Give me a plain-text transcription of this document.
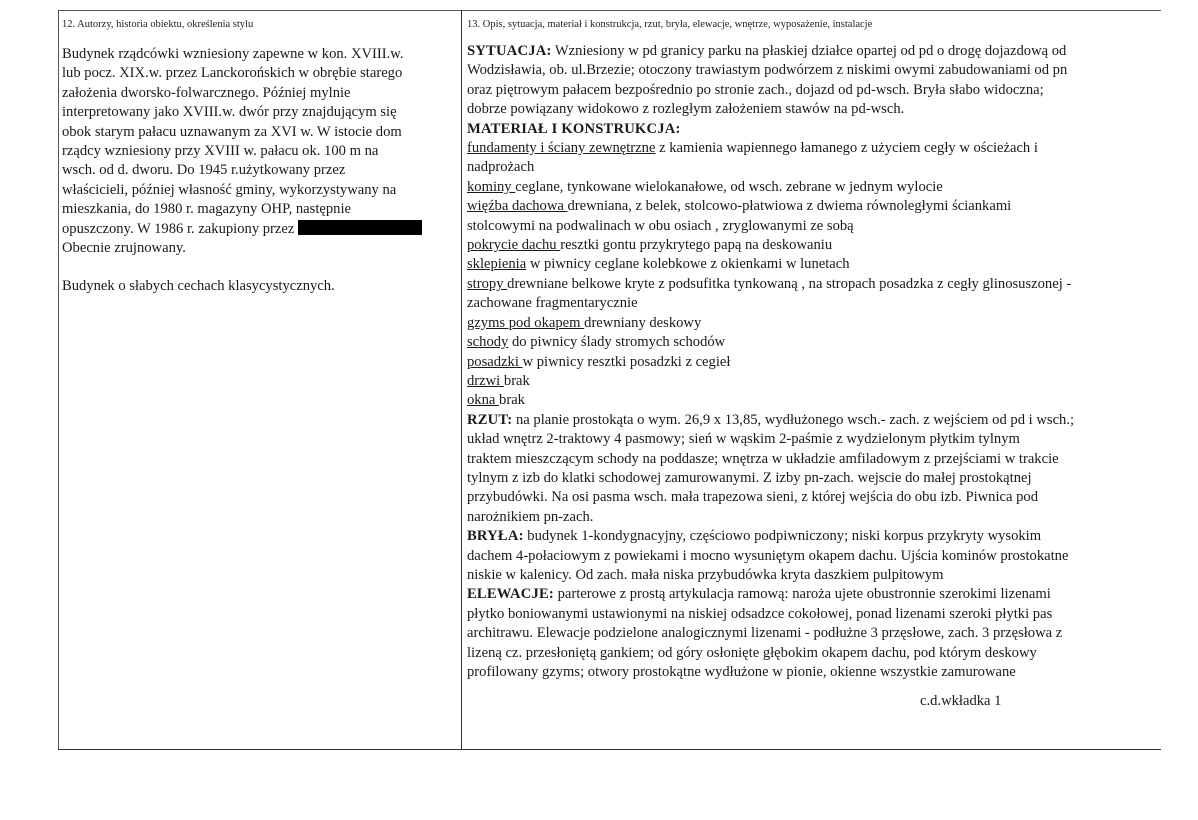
12. Autorzy, historia obiektu, określenia stylu	13. Opis, sytuacja, materiał i konstrukcja, rzut, bryła, elewacje, wnętrze, wyposażenie, instalacje

Budynek rządcówki wzniesiony zapewne w kon. XVIII.w.
lub pocz. XIX.w. przez Lanckorońskich w obrębie starego
założenia dworsko-folwarcznego. Później mylnie
interpretowany jako XVIII.w. dwór przy znajdującym się
obok starym pałacu uznawanym za XVI w. W istocie dom
rządcy wzniesiony przy XVIII w. pałacu ok. 100 m na
wsch. od d. dworu. Do 1945 r.użytkowany przez
właścicieli, później własność gminy, wykorzystywany na
mieszkania, do 1980 r. magazyny OHP, następnie
opuszczony. W 1986 r. zakupiony przez
Obecnie zrujnowany.

Budynek o słabych cechach klasycystycznych.

SYTUACJA: Wzniesiony w pd granicy parku na płaskiej działce opartej od pd o drogę dojazdową od
Wodzisławia, ob. ul.Brzezie; otoczony trawiastym podwórzem z niskimi owymi zabudowaniami od pn
oraz piętrowym pałacem bezpośrednio po stronie zach., dojazd od pd-wsch. Bryła słabo widoczna;
dobrze powiązany widokowo z rozległym założeniem stawów na pd-wsch.
MATERIAŁ I KONSTRUKCJA:
fundamenty i ściany zewnętrzne z kamienia wapiennego łamanego z użyciem cegły w ościeżach i
nadprożach
kominy ceglane, tynkowane wielokanałowe, od wsch. zebrane w jednym wylocie
więźba dachowa drewniana, z belek, stolcowo-płatwiowa z dwiema równoległymi ściankami
stolcowymi na podwalinach w obu osiach , zryglowanymi ze sobą
pokrycie dachu resztki gontu przykrytego papą na deskowaniu
sklepienia w piwnicy ceglane kolebkowe z okienkami w lunetach
stropy drewniane belkowe kryte z podsufitka tynkowaną , na stropach posadzka z cegły glinosuszonej -
zachowane fragmentarycznie
gzyms pod okapem drewniany deskowy
schody do piwnicy ślady stromych schodów
posadzki w piwnicy resztki posadzki z cegieł
drzwi brak
okna brak
RZUT: na planie prostokąta o wym. 26,9 x 13,85, wydłużonego wsch.- zach. z wejściem od pd i wsch.;
układ wnętrz 2-traktowy 4 pasmowy; sień w wąskim 2-paśmie z wydzielonym płytkim tylnym
traktem mieszczącym schody na poddasze; wnętrza w układzie amfiladowym z przejściami w trakcie
tylnym z izb do klatki schodowej zamurowanymi. Z izby pn-zach. wejscie do małej prostokątnej
przybudówki. Na osi pasma wsch. mała trapezowa sieni, z której wejścia do obu izb. Piwnica pod
narożnikiem pn-zach.
BRYŁA: budynek 1-kondygnacyjny, częściowo podpiwniczony; niski korpus przykryty wysokim
dachem 4-połaciowym z powiekami i mocno wysuniętym okapem dachu. Ujścia kominów prostokatne
niskie w kalenicy. Od zach. mała niska przybudówka kryta daszkiem pulpitowym
ELEWACJE: parterowe z prostą artykulacja ramową: naroża ujete obustronnie szerokimi lizenami
płytko boniowanymi ustawionymi na niskiej odsadzce cokołowej, ponad lizenami szeroki płytki pas
architrawu. Elewacje podzielone analogicznymi lizenami - podłużne 3 przęsłowe, zach. 3 przęsłowa z
lizeną cz. przesłoniętą gankiem; od góry osłonięte głębokim okapem dachu, pod którym deskowy
profilowany gzyms; otwory prostokątne wydłużone w pionie, okienne wszystkie zamurowane
c.d.wkładka 1
